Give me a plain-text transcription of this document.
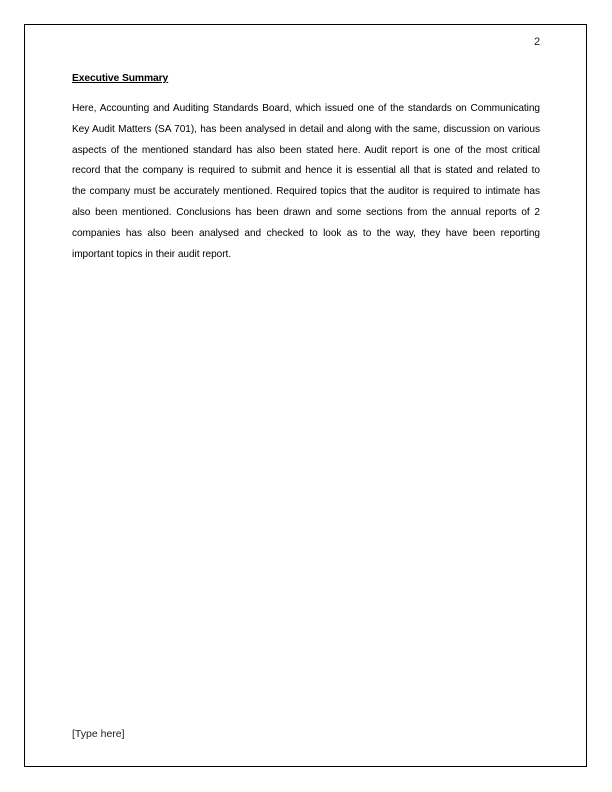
2
Executive Summary
Here, Accounting and Auditing Standards Board, which issued one of the standards on Communicating
Key Audit Matters (SA 701), has been analysed in detail and along with the same, discussion on various
aspects of the mentioned standard has also been stated here. Audit report is one of the most critical
record that the company is required to submit and hence it is essential all that is stated and related to
the company must be accurately mentioned. Required topics that the auditor is required to intimate has
also been mentioned. Conclusions has been drawn and some sections from the annual reports of 2
companies has also been analysed and checked to look as to the way, they have been reporting
important topics in their audit report.
[Type here]
